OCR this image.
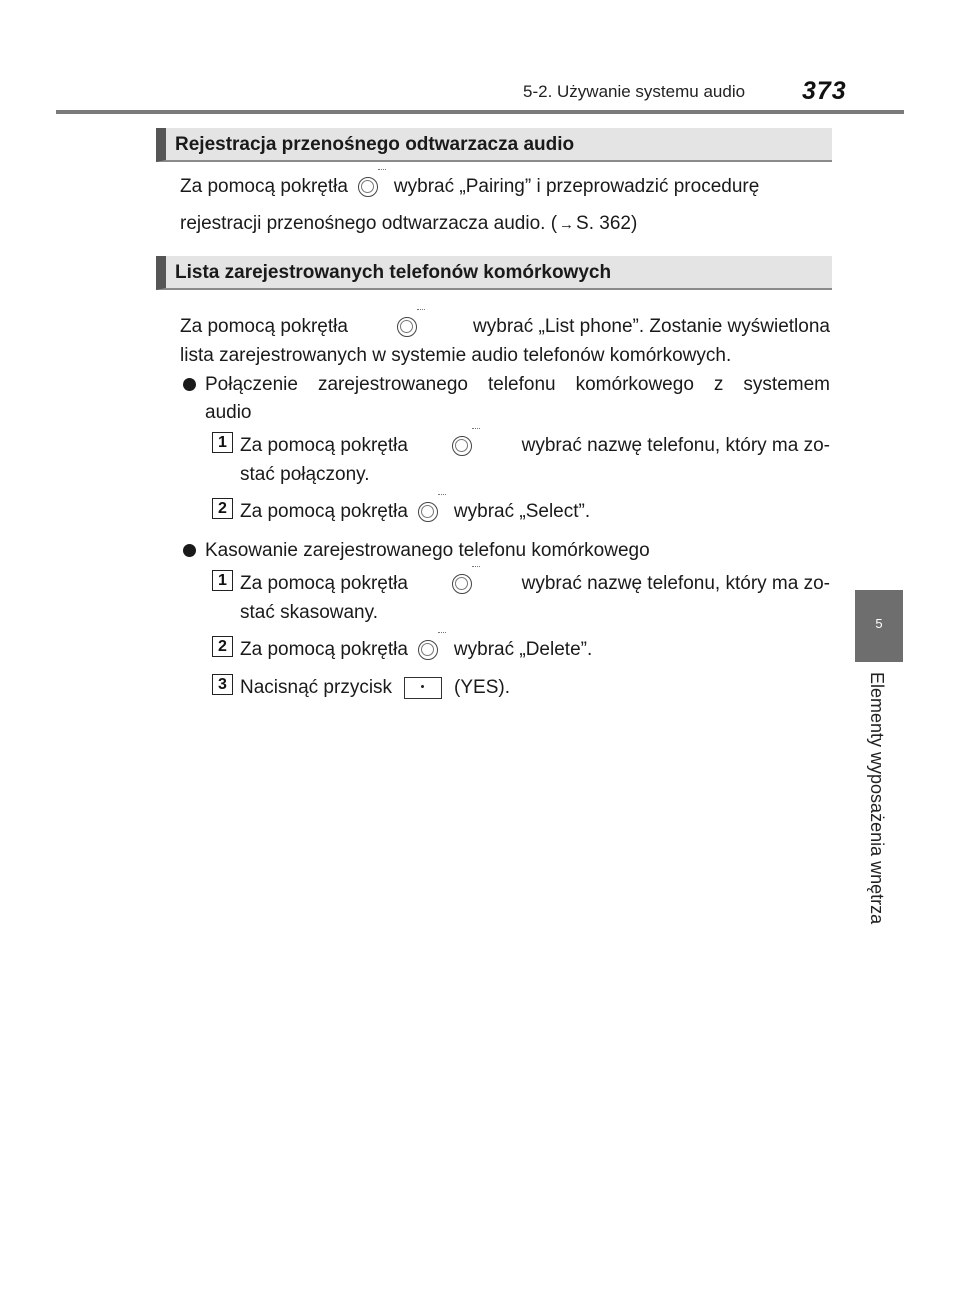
5-2. Używanie systemu audio 373
5
Elementy wyposażenia wnętrza
Rejestracja przenośnego odtwarzacza audio
Za pomocą pokrętła wybrać „Pairing” i przeprowadzić procedurę
rejestracji przenośnego odtwarzacza audio. ( → S. 362)
Lista zarejestrowanych telefonów komórkowych
Za pomocą pokrętła	wybrać „List phone”. Zostanie wyświetlona
lista zarejestrowanych w systemie audio telefonów komórkowych.
Połączenie zarejestrowanego telefonu komórkowego z systemem
audio
1 Za pomocą pokrętła	wybrać nazwę telefonu, który ma zo-
stać połączony.
2 Za pomocą pokrętła wybrać „Select”.
Kasowanie zarejestrowanego telefonu komórkowego
1 Za pomocą pokrętła	wybrać nazwę telefonu, który ma zo-
stać skasowany.
2 Za pomocą pokrętła wybrać „Delete”.
3 Nacisnąć przycisk	(YES).
